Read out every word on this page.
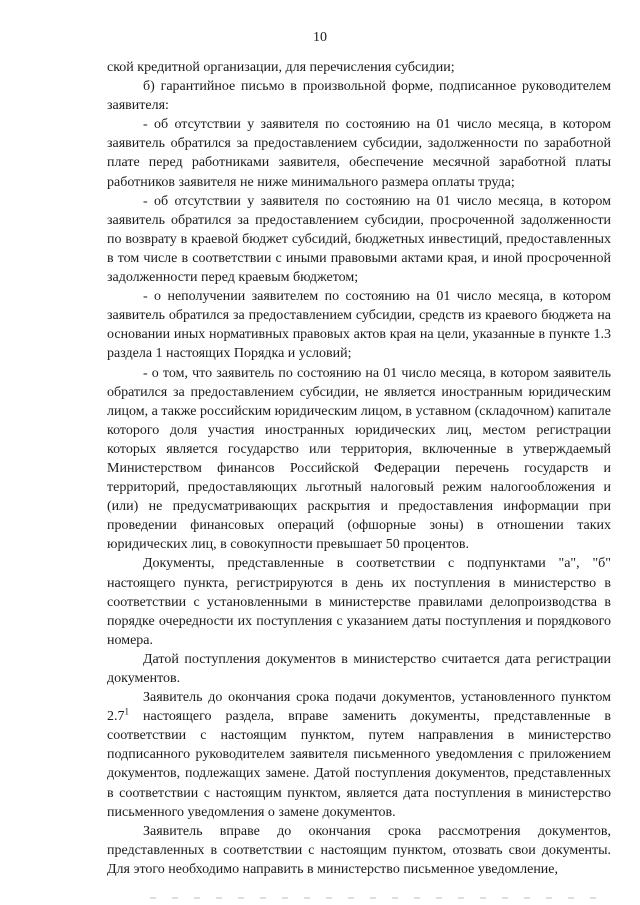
10

ской кредитной организации, для перечисления субсидии;

б) гарантийное письмо в произвольной форме, подписанное руководителем заявителя:

- об отсутствии у заявителя по состоянию на 01 число месяца, в котором заявитель обратился за предоставлением субсидии, задолженности по заработной плате перед работниками заявителя, обеспечение месячной заработной платы работников заявителя не ниже минимального размера оплаты труда;

- об отсутствии у заявителя по состоянию на 01 число месяца, в котором заявитель обратился за предоставлением субсидии, просроченной задолженности по возврату в краевой бюджет субсидий, бюджетных инвестиций, предоставленных в том числе в соответствии с иными правовыми актами края, и иной просроченной задолженности перед краевым бюджетом;

- о неполучении заявителем по состоянию на 01 число месяца, в котором заявитель обратился за предоставлением субсидии, средств из краевого бюджета на основании иных нормативных правовых актов края на цели, указанные в пункте 1.3 раздела 1 настоящих Порядка и условий;

- о том, что заявитель по состоянию на 01 число месяца, в котором заявитель обратился за предоставлением субсидии, не является иностранным юридическим лицом, а также российским юридическим лицом, в уставном (складочном) капитале которого доля участия иностранных юридических лиц, местом регистрации которых является государство или территория, включенные в утверждаемый Министерством финансов Российской Федерации перечень государств и территорий, предоставляющих льготный налоговый режим налогообложения и (или) не предусматривающих раскрытия и предоставления информации при проведении финансовых операций (офшорные зоны) в отношении таких юридических лиц, в совокупности превышает 50 процентов.

Документы, представленные в соответствии с подпунктами "а", "б" настоящего пункта, регистрируются в день их поступления в министерство в соответствии с установленными в министерстве правилами делопроизводства в порядке очередности их поступления с указанием даты поступления и порядкового номера.

Датой поступления документов в министерство считается дата регистрации документов.

Заявитель до окончания срока подачи документов, установленного пунктом $2.7^1$ настоящего раздела, вправе заменить документы, представленные в соответствии с настоящим пунктом, путем направления в министерство подписанного руководителем заявителя письменного уведомления с приложением документов, подлежащих замене. Датой поступления документов, представленных в соответствии с настоящим пунктом, является дата поступления в министерство письменного уведомления о замене документов.

Заявитель вправе до окончания срока рассмотрения документов, представленных в соответствии с настоящим пунктом, отозвать свои документы. Для этого необходимо направить в министерство письменное уведомление,
